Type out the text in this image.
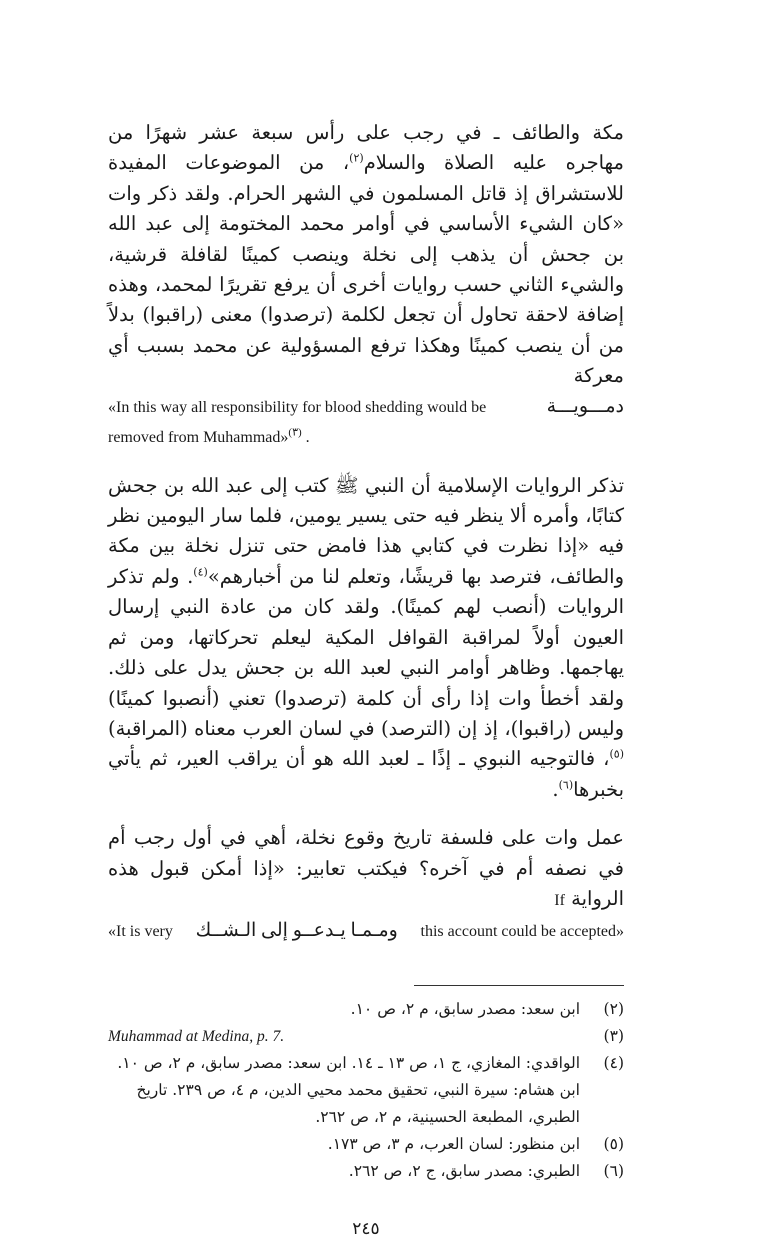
مكة والطائف ـ في رجب على رأس سبعة عشر شهرًا من مهاجره عليه الصلاة والسلام$^{(٢)}$، من الموضوعات المفيدة للاستشراق إذ قاتل المسلمون في الشهر الحرام. ولقد ذكر وات «كان الشيء الأساسي في أوامر محمد المختومة إلى عبد الله بن جحش أن يذهب إلى نخلة وينصب كمينًا لقافلة قرشية، والشيء الثاني حسب روايات أخرى أن يرفع تقريرًا لمحمد، وهذه إضافة لاحقة تحاول أن تجعل لكلمة (ترصدوا) معنى (راقبوا) بدلاً من أن ينصب كمينًا وهكذا ترفع المسؤولية عن محمد بسبب أي معركة

«In this way all responsibility for blood shedding would be	دمـــويـــة
removed from Muhammad»$^{(٣)}$ .

تذكر الروايات الإسلامية أن النبي ﷺ كتب إلى عبد الله بن جحش كتابًا، وأمره ألا ينظر فيه حتى يسير يومين، فلما سار اليومين نظر فيه «إذا نظرت في كتابي هذا فامض حتى تنزل نخلة بين مكة والطائف، فترصد بها قريشًا، وتعلم لنا من أخبارهم»$^{(٤)}$. ولم تذكر الروايات (أنصب لهم كمينًا). ولقد كان من عادة النبي إرسال العيون أولاً لمراقبة القوافل المكية ليعلم تحركاتها، ومن ثم يهاجمها. وظاهر أوامر النبي لعبد الله بن جحش يدل على ذلك. ولقد أخطأ وات إذا رأى أن كلمة (ترصدوا) تعني (أنصبوا كمينًا) وليس (راقبوا)، إذ إن (الترصد) في لسان العرب معناه (المراقبة)$^{(٥)}$، فالتوجيه النبوي ـ إذًا ـ لعبد الله هو أن يراقب العير، ثم يأتي بخبرها$^{(٦)}$.

عمل وات على فلسفة تاريخ وقوع نخلة، أهي في أول رجب أم في نصفه أم في آخره؟ فيكتب تعابير: «إذا أمكن قبول هذه الرواية If

«It is very ومـمـا يـدعــو إلى الـشــك this account could be accepted»
(٢)
ابن سعد: مصدر سابق، م ٢، ص ١٠.
(٣)
Muhammad at Medina, p. 7.
(٤)
الواقدي: المغازي، ج ١، ص ١٣ ـ ١٤. ابن سعد: مصدر سابق، م ٢، ص ١٠. ابن هشام: سيرة النبي، تحقيق محمد محيي الدين، م ٤، ص ٢٣٩. تاريخ الطبري، المطبعة الحسينية، م ٢، ص ٢٦٢.
(٥)
ابن منظور: لسان العرب، م ٣، ص ١٧٣.
(٦)
الطبري: مصدر سابق، ج ٢، ص ٢٦٢.
٢٤٥
